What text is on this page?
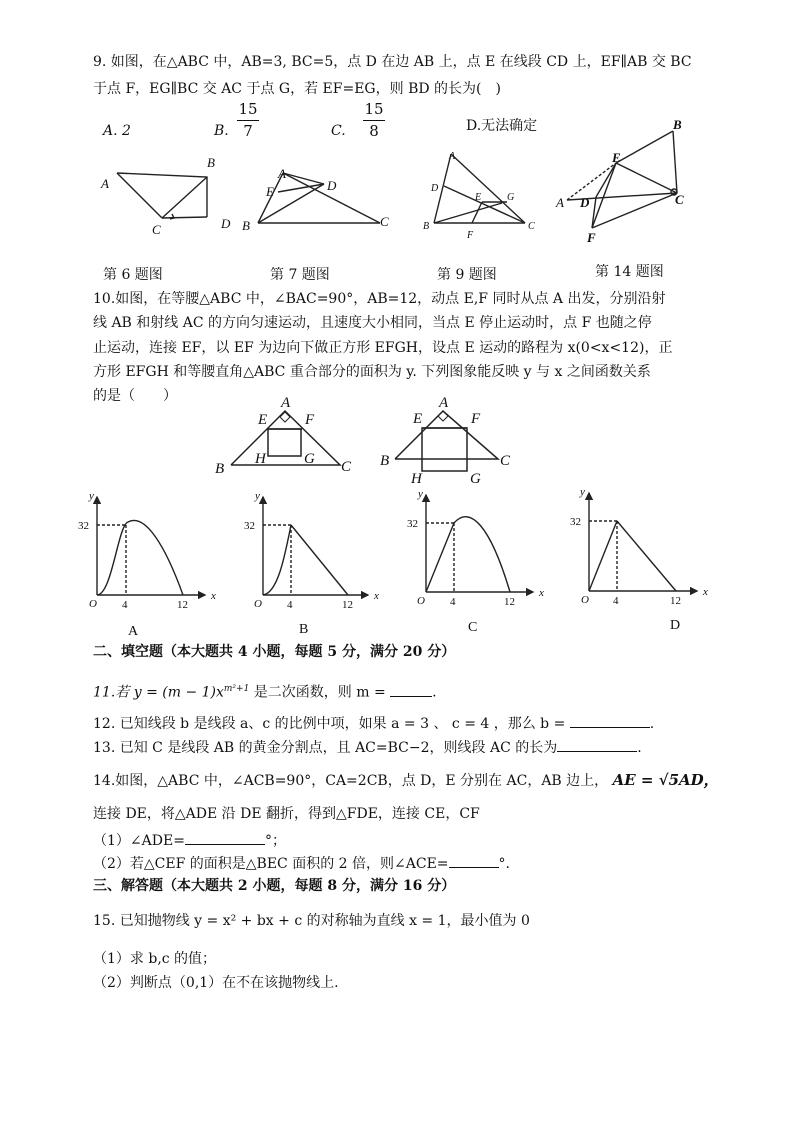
9. 如图，在△ABC 中，AB=3, BC=5，点 D 在边 AB 上，点 E 在线段 CD 上，EF∥AB 交 BC
于点 F，EG∥BC 交 AC 于点 G，若 EF=EG，则 BD 的长为(　)
A. 2	B.
15
7	C.
15
8	D.无法确定
A
B
C	D
A
B	C
D
E
A
B	C
D
E
F
G	A
B
C
D
E
F
第 6 题图	第 7 题图	第 9 题图	第 14 题图
10.如图，在等腰△ABC 中，∠BAC=90°，AB=12，动点 E,F 同时从点 A 出发，分别沿射
线 AB 和射线 AC 的方向匀速运动，且速度大小相同，当点 E 停止运动时，点 F 也随之停
止运动，连接 EF，以 EF 为边向下做正方形 EFGH，设点 E 运动的路程为 x(0<x<12)，正
方形 EFGH 和等腰直角△ABC 重合部分的面积为 y. 下列图象能反映 y 与 x 之间函数关系
的是（　　）	A
E	F
B	C
H	G
A
E	F
B	C
H	G
y
32
O 4	12
x
y
32
O 4	12
x
y
32
O 4	12
x
y
32
O 4	12
x
A	B	C	D
二、填空题（本大题共 4 小题，每题 5 分，满分 20 分）
11.若 $y = (m - 1)x^{m^2+1}$ 是二次函数，则 m =	.
12. 已知线段 b 是线段 a、c 的比例中项，如果 a = 3 、 c = 4 ，那么 b =	.
13. 已知 C 是线段 AB 的黄金分割点，且 AC=BC−2，则线段 AC 的长为	.
14.如图，△ABC 中，∠ACB=90°，CA=2CB，点 D，E 分别在 AC，AB 边上， AE = √5AD，
连接 DE，将△ADE 沿 DE 翻折，得到△FDE，连接 CE，CF
（1）∠ADE=	°；
（2）若△CEF 的面积是△BEC 面积的 2 倍，则∠ACE=	°.
三、解答题（本大题共 2 小题，每题 8 分，满分 16 分）
15. 已知抛物线 y = x² + bx + c 的对称轴为直线 x = 1，最小值为 0
（1）求 b,c 的值；
（2）判断点（0,1）在不在该抛物线上.
